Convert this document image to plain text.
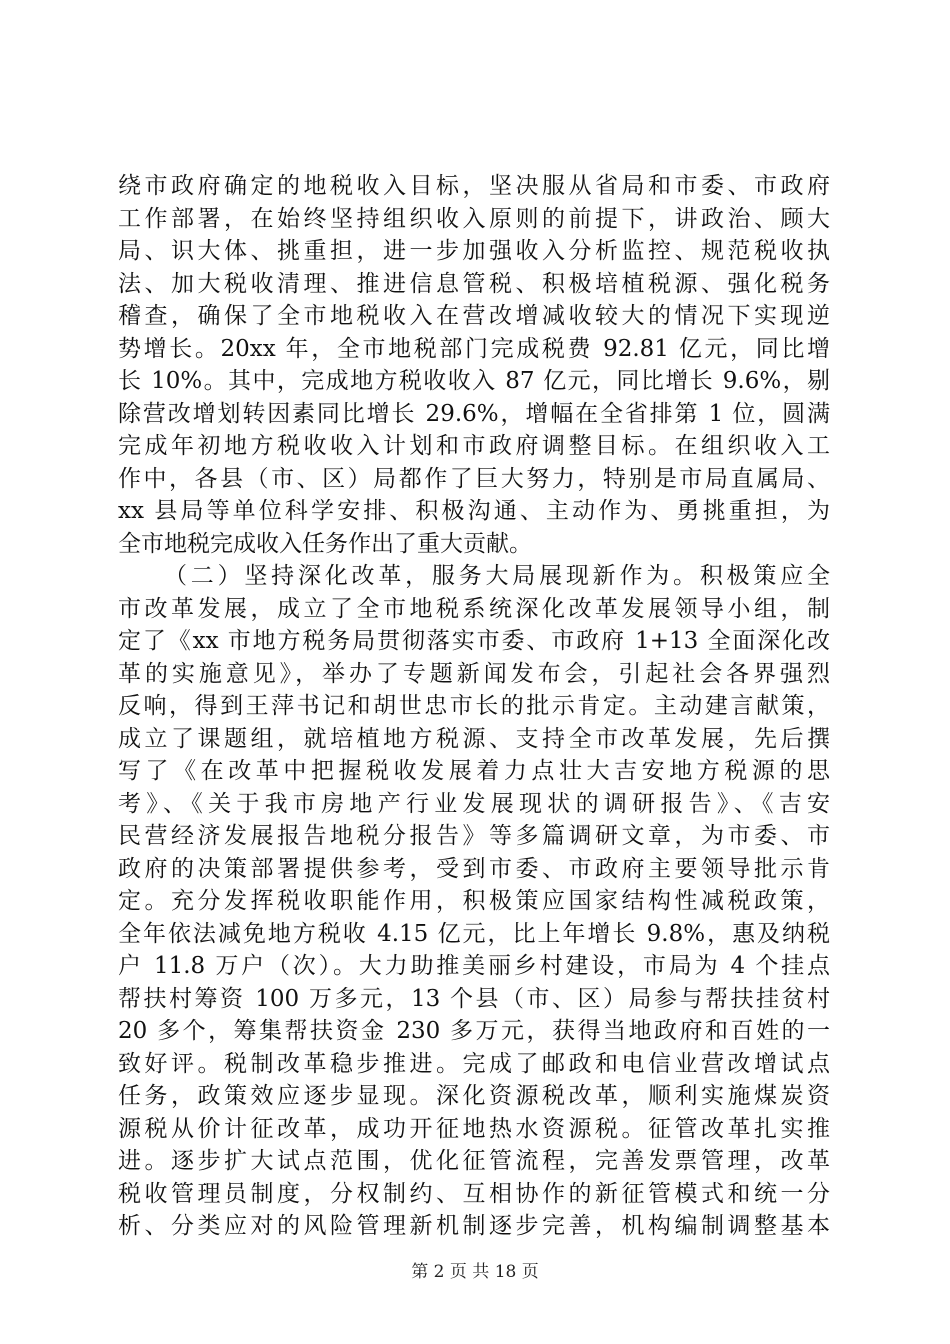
绕市政府确定的地税收入目标，坚决服从省局和市委、市政府
工作部署，在始终坚持组织收入原则的前提下，讲政治、顾大
局、识大体、挑重担，进一步加强收入分析监控、规范税收执
法、加大税收清理、推进信息管税、积极培植税源、强化税务
稽查，确保了全市地税收入在营改增减收较大的情况下实现逆
势增长。20xx 年，全市地税部门完成税费 92.81 亿元，同比增
长 10%。其中，完成地方税收收入 87 亿元，同比增长 9.6%，剔
除营改增划转因素同比增长 29.6%，增幅在全省排第 1 位，圆满
完成年初地方税收收入计划和市政府调整目标。在组织收入工
作中，各县（市、区）局都作了巨大努力，特别是市局直属局、
xx 县局等单位科学安排、积极沟通、主动作为、勇挑重担，为
全市地税完成收入任务作出了重大贡献。
（二）坚持深化改革，服务大局展现新作为。积极策应全
市改革发展，成立了全市地税系统深化改革发展领导小组，制
定了《xx 市地方税务局贯彻落实市委、市政府 1+13 全面深化改
革的实施意见》，举办了专题新闻发布会，引起社会各界强烈
反响，得到王萍书记和胡世忠市长的批示肯定。主动建言献策，
成立了课题组，就培植地方税源、支持全市改革发展，先后撰
写了《在改革中把握税收发展着力点壮大吉安地方税源的思
考》、《关于我市房地产行业发展现状的调研报告》、《吉安
民营经济发展报告地税分报告》等多篇调研文章，为市委、市
政府的决策部署提供参考，受到市委、市政府主要领导批示肯
定。充分发挥税收职能作用，积极策应国家结构性减税政策，
全年依法减免地方税收 4.15 亿元，比上年增长 9.8%，惠及纳税
户 11.8 万户（次）。大力助推美丽乡村建设，市局为 4 个挂点
帮扶村筹资 100 万多元，13 个县（市、区）局参与帮扶挂贫村
20 多个，筹集帮扶资金 230 多万元，获得当地政府和百姓的一
致好评。税制改革稳步推进。完成了邮政和电信业营改增试点
任务，政策效应逐步显现。深化资源税改革，顺利实施煤炭资
源税从价计征改革，成功开征地热水资源税。征管改革扎实推
进。逐步扩大试点范围，优化征管流程，完善发票管理，改革
税收管理员制度，分权制约、互相协作的新征管模式和统一分
析、分类应对的风险管理新机制逐步完善，机构编制调整基本
第 2 页 共 18 页
